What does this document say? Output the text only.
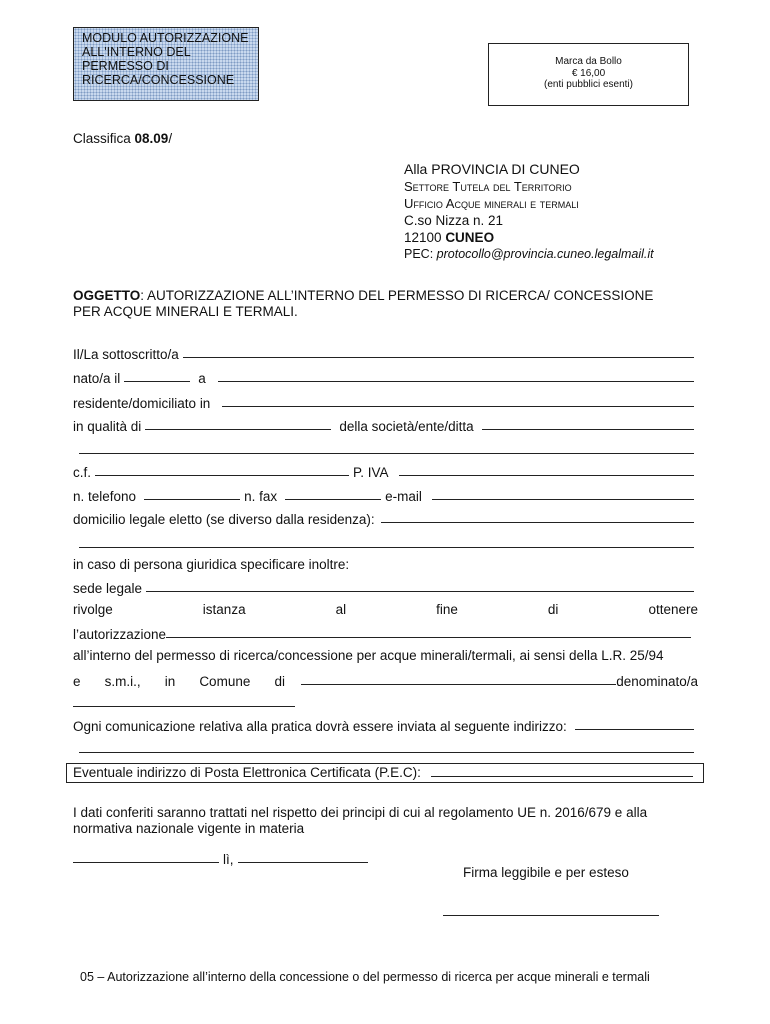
MODULO AUTORIZZAZIONE
ALL'INTERNO DEL
PERMESSO DI
RICERCA/CONCESSIONE
Marca da Bollo
€ 16,00
(enti pubblici esenti)
Classifica 08.09/
Alla PROVINCIA DI CUNEO
Settore Tutela del Territorio
Ufficio Acque minerali e termali
C.so Nizza n. 21
12100 CUNEO
PEC: protocollo@provincia.cuneo.legalmail.it
OGGETTO: AUTORIZZAZIONE ALL’INTERNO DEL PERMESSO DI RICERCA/ CONCESSIONE
PER ACQUE MINERALI E TERMALI.
Il/La sottoscritto/a
nato/a il	a
residente/domiciliato in
in qualità di	della società/ente/ditta
c.f.	P. IVA
n. telefono	n. fax	e-mail
domicilio legale eletto (se diverso dalla residenza):
in caso di persona giuridica specificare inoltre:
sede legale
rivolge	istanza	al	fine	di	ottenere
l’autorizzazione
all’interno del permesso di ricerca/concessione per acque minerali/termali, ai sensi della L.R. 25/94
e s.m.i., in Comune di	denominato/a
Ogni comunicazione relativa alla pratica dovrà essere inviata al seguente indirizzo:
Eventuale indirizzo di Posta Elettronica Certificata (P.E.C):
I dati conferiti saranno trattati nel rispetto dei principi di cui al regolamento UE n. 2016/679 e alla
normativa nazionale vigente in materia
lì,
Firma leggibile e per esteso
05 – Autorizzazione all’interno della concessione o del permesso di ricerca per acque minerali e termali
